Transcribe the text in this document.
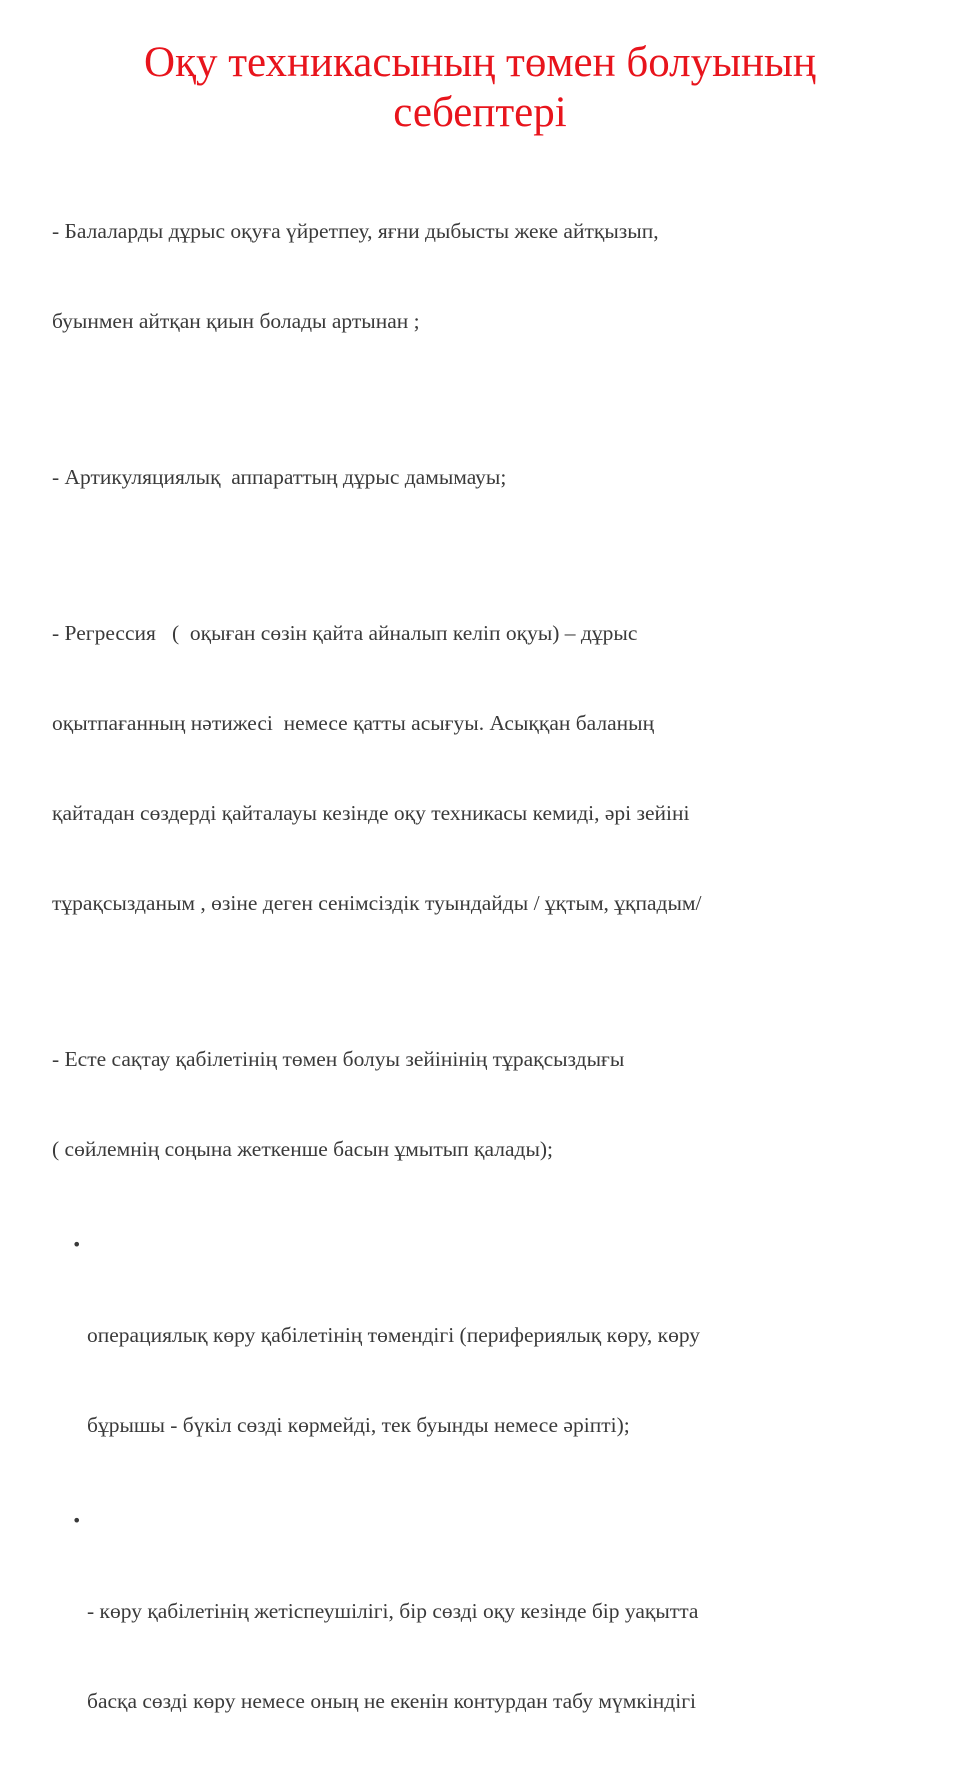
Оқу техникасының төмен болуының
себептері

- Балаларды дұрыс оқуға үйретпеу, яғни дыбысты жеке айтқызып,

буынмен айтқан қиын болады артынан ;

- Артикуляциялық  аппараттың дұрыс дамымауы;

- Регрессия   (  оқыған сөзін қайта айналып келіп оқуы) – дұрыс

оқытпағанның нәтижесі  немесе қатты асығуы. Асыққан баланың

қайтадан сөздерді қайталауы кезінде оқу техникасы кемиді, әрі зейіні

тұрақсызданым , өзіне деген сенімсіздік туындайды / ұқтым, ұқпадым/

- Есте сақтау қабілетінің төмен болуы зейінінің тұрақсыздығы

( сөйлемнің соңына жеткенше басын ұмытып қалады);

•

операциялық көру қабілетінің төмендігі (перифериялық көру, көру

бұрышы - бүкіл сөзді көрмейді, тек буынды немесе әріпті);

•

- көру қабілетінің жетіспеушілігі, бір сөзді оқу кезінде бір уақытта

басқа сөзді көру немесе оның не екенін контурдан табу мүмкіндігі
